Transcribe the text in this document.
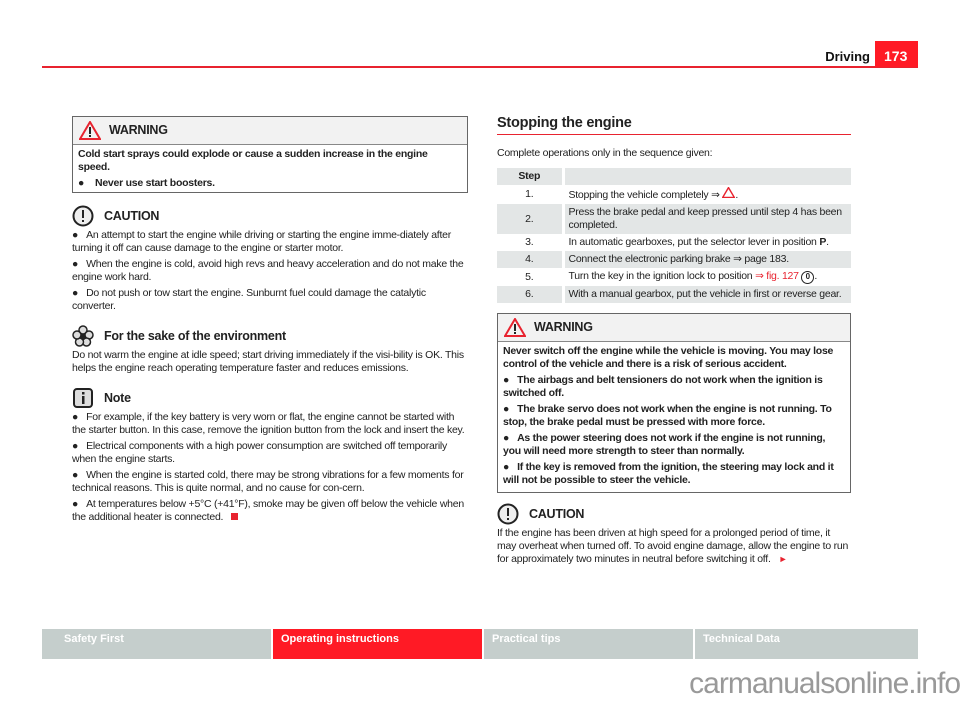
Driving	173
WARNING

Cold start sprays could explode or cause a sudden increase in the engine speed.

●	Never use start boosters.
CAUTION

●   An attempt to start the engine while driving or starting the engine imme-diately after turning it off can cause damage to the engine or starter motor.

●   When the engine is cold, avoid high revs and heavy acceleration and do not make the engine work hard.

●   Do not push or tow start the engine. Sunburnt fuel could damage the catalytic converter.

For the sake of the environment

Do not warm the engine at idle speed; start driving immediately if the visi-bility is OK. This helps the engine reach operating temperature faster and reduces emissions.

Note

●   For example, if the key battery is very worn or flat, the engine cannot be started with the starter button. In this case, remove the ignition button from the lock and insert the key.

●   Electrical components with a high power consumption are switched off temporarily when the engine starts.

●   When the engine is started cold, there may be strong vibrations for a few moments for technical reasons. This is quite normal, and no cause for con-cern.

●   At temperatures below +5°C (+41°F), smoke may be given off below the vehicle when the additional heater is connected.

Stopping the engine

Complete operations only in the sequence given:

Step	
1.	Stopping the vehicle completely ⇒ .
2.	Press the brake pedal and keep pressed until step 4 has been completed.
3.	In automatic gearboxes, put the selector lever in position P.
4.	Connect the electronic parking brake ⇒ page 183.
5.	Turn the key in the ignition lock to position ⇒ fig. 127 0 .
6.	With a manual gearbox, put the vehicle in first or reverse gear.
WARNING

Never switch off the engine while the vehicle is moving. You may lose control of the vehicle and there is a risk of serious accident.

●   The airbags and belt tensioners do not work when the ignition is switched off.

●   The brake servo does not work when the engine is not running. To stop, the brake pedal must be pressed with more force.

●   As the power steering does not work if the engine is not running, you will need more strength to steer than normally.

●   If the key is removed from the ignition, the steering may lock and it will not be possible to steer the vehicle.

CAUTION

If the engine has been driven at high speed for a prolonged period of time, it may overheat when turned off. To avoid engine damage, allow the engine to run for approximately two minutes in neutral before switching it off. ►

Safety First	Operating instructions	Practical tips	Technical Data
carmanualsonline.info
